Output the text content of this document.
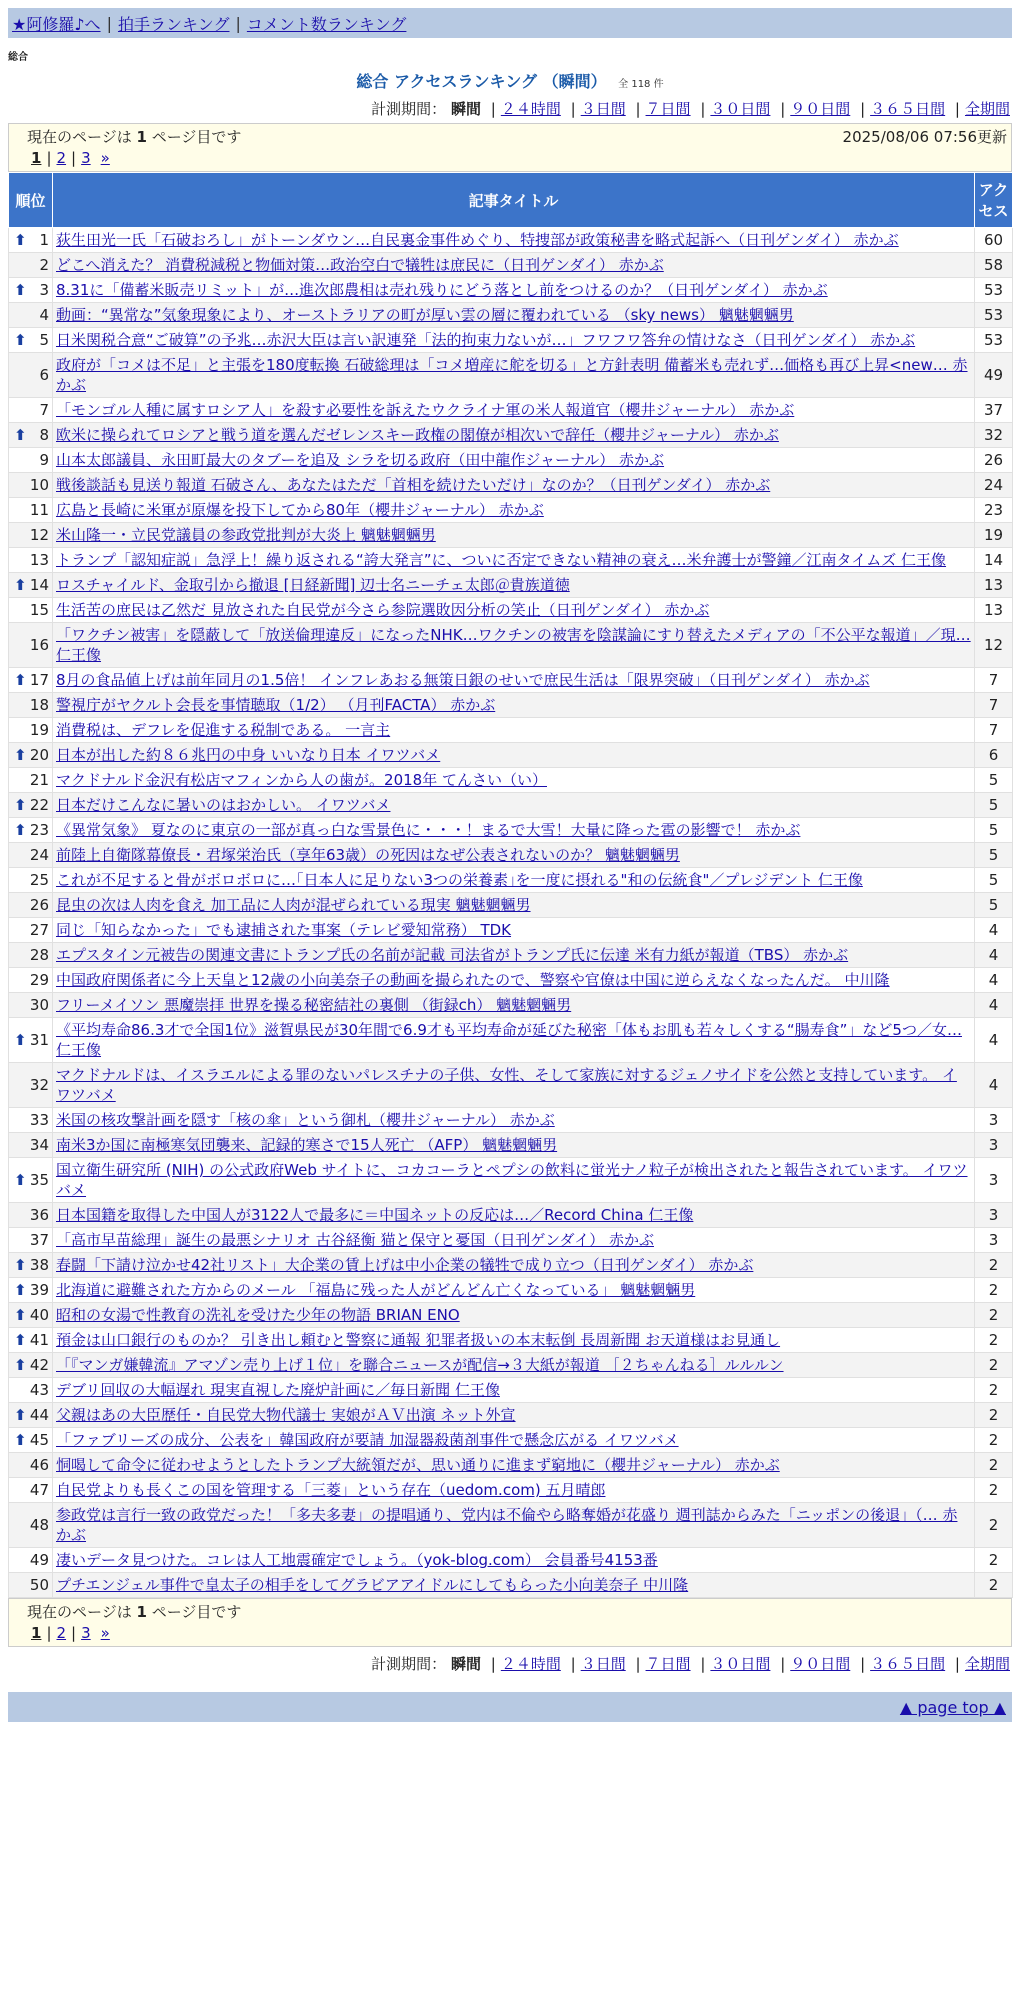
★阿修羅♪へ | 拍手ランキング | コメント数ランキング
総合
総合 アクセスランキング （瞬間） 全 118 件
計測期間： 瞬間 | ２４時間 | ３日間 | ７日間 | ３０日間 | ９０日間 | ３６５日間 | 全期間
現在のページは 1 ページ目です	2025/08/06 07:56更新
1 | 2 | 3 »
順位	記事タイトル	アクセス

⬆ 1	荻生田光一氏「石破おろし」がトーンダウン…自民裏金事件めぐり、特捜部が政策秘書を略式起訴へ（日刊ゲンダイ） 赤かぶ	60
2	どこへ消えた？ 消費税減税と物価対策…政治空白で犠牲は庶民に（日刊ゲンダイ） 赤かぶ	58

⬆ 3	8.31に「備蓄米販売リミット」が…進次郎農相は売れ残りにどう落とし前をつけるのか？（日刊ゲンダイ） 赤かぶ	53
4	動画：“異常な”気象現象により、オーストラリアの町が厚い雲の層に覆われている （sky news） 魑魅魍魎男	53

⬆ 5	日米関税合意“ご破算”の予兆…赤沢大臣は言い訳連発「法的拘束力ないが…」フワフワ答弁の情けなさ（日刊ゲンダイ） 赤かぶ	53
6	政府が「コメは不足」と主張を180度転換 石破総理は「コメ増産に舵を切る」と方針表明 備蓄米も売れず…価格も再び上昇<new… 赤かぶ	49
7	「モンゴル人種に属すロシア人」を殺す必要性を訴えたウクライナ軍の米人報道官（櫻井ジャーナル） 赤かぶ	37

⬆ 8	欧米に操られてロシアと戦う道を選んだゼレンスキー政権の閣僚が相次いで辞任（櫻井ジャーナル） 赤かぶ	32
9	山本太郎議員、永田町最大のタブーを追及 シラを切る政府（田中龍作ジャーナル） 赤かぶ	26
10	戦後談話も見送り報道 石破さん、あなたはただ「首相を続けたいだけ」なのか？（日刊ゲンダイ） 赤かぶ	24
11	広島と長崎に米軍が原爆を投下してから80年（櫻井ジャーナル） 赤かぶ	23
12	米山隆一・立民党議員の参政党批判が大炎上 魑魅魍魎男	19
13	トランプ「認知症説」急浮上！繰り返される“誇大発言”に、ついに否定できない精神の衰え…米弁護士が警鐘／江南タイムズ 仁王像	14

⬆ 14	ロスチャイルド、金取引から撤退 [日経新聞] 辺士名ニーチェ太郎＠貴族道徳	13
15	生活苦の庶民は乙然だ 見放された自民党が今さら参院選敗因分析の笑止（日刊ゲンダイ） 赤かぶ	13
16	「ワクチン被害」を隠蔽して「放送倫理違反」になったNHK…ワクチンの被害を陰謀論にすり替えたメディアの「不公平な報道」／現… 仁王像	12

⬆ 17	8月の食品値上げは前年同月の1.5倍！ インフレあおる無策日銀のせいで庶民生活は「限界突破」（日刊ゲンダイ） 赤かぶ	7
18	警視庁がヤクルト会長を事情聴取（1/2） （月刊FACTA） 赤かぶ	7
19	消費税は、デフレを促進する税制である。 一言主	7

⬆ 20	日本が出した約８６兆円の中身 いいなり日本 イワツバメ	6
21	マクドナルド金沢有松店マフィンから人の歯が。2018年 てんさい（い）	5

⬆ 22	日本だけこんなに暑いのはおかしい。 イワツバメ	5

⬆ 23	《異常気象》 夏なのに東京の一部が真っ白な雪景色に・・・！まるで大雪！大量に降った雹の影響で！ 赤かぶ	5
24	前陸上自衛隊幕僚長・君塚栄治氏（享年63歳）の死因はなぜ公表されないのか？ 魑魅魍魎男	5
25	これが不足すると骨がボロボロに…｢日本人に足りない3つの栄養素｣を一度に摂れる"和の伝統食"／プレジデント 仁王像	5
26	昆虫の次は人肉を食え 加工品に人肉が混ぜられている現実 魑魅魍魎男	5
27	同じ「知らなかった」でも逮捕された事案（テレビ愛知常務） TDK	4
28	エプスタイン元被告の関連文書にトランプ氏の名前が記載 司法省がトランプ氏に伝達 米有力紙が報道（TBS） 赤かぶ	4
29	中国政府関係者に今上天皇と12歳の小向美奈子の動画を撮られたので、警察や官僚は中国に逆らえなくなったんだ。 中川隆	4
30	フリーメイソン 悪魔崇拝 世界を操る秘密結社の裏側 （街録ch） 魑魅魍魎男	4

⬆ 31	《平均寿命86.3才で全国1位》滋賀県民が30年間で6.9才も平均寿命が延びた秘密「体もお肌も若々しくする“腸寿食”」など5つ／女… 仁王像	4
32	マクドナルドは、イスラエルによる罪のないパレスチナの子供、女性、そして家族に対するジェノサイドを公然と支持しています。 イワツバメ	4
33	米国の核攻撃計画を隠す「核の傘」という御札（櫻井ジャーナル） 赤かぶ	3
34	南米3か国に南極寒気団襲来、記録的寒さで15人死亡 （AFP） 魑魅魍魎男	3

⬆ 35	国立衛生研究所 (NIH) の公式政府Web サイトに、コカコーラとペプシの飲料に蛍光ナノ粒子が検出されたと報告されています。 イワツバメ	3
36	日本国籍を取得した中国人が3122人で最多に＝中国ネットの反応は…／Record China 仁王像	3
37	「高市早苗総理」誕生の最悪シナリオ 古谷経衡 猫と保守と憂国（日刊ゲンダイ） 赤かぶ	3

⬆ 38	春闘「下請け泣かせ42社リスト」大企業の賃上げは中小企業の犠牲で成り立つ（日刊ゲンダイ） 赤かぶ	2

⬆ 39	北海道に避難された方からのメール 「福島に残った人がどんどん亡くなっている」 魑魅魍魎男	2

⬆ 40	昭和の女湯で性教育の洗礼を受けた少年の物語 BRIAN ENO	2

⬆ 41	預金は山口銀行のものか？ 引き出し頼むと警察に通報 犯罪者扱いの本末転倒 長周新聞 お天道様はお見通し	2

⬆ 42	「『マンガ嫌韓流』アマゾン売り上げ１位」を聯合ニュースが配信→３大紙が報道 ［２ちゃんねる］ルルルン	2
43	デブリ回収の大幅遅れ 現実直視した廃炉計画に／毎日新聞 仁王像	2

⬆ 44	父親はあの大臣歴任・自民党大物代議士 実娘がＡＶ出演 ネット外宣	2

⬆ 45	「ファブリーズの成分、公表を」韓国政府が要請 加湿器殺菌剤事件で懸念広がる イワツバメ	2
46	恫喝して命令に従わせようとしたトランプ大統領だが、思い通りに進まず窮地に（櫻井ジャーナル） 赤かぶ	2
47	自民党よりも長くこの国を管理する「三菱」という存在（uedom.com) 五月晴郎	2
48	参政党は言行一致の政党だった！「多夫多妻」の提唱通り、党内は不倫やら略奪婚が花盛り 週刊誌からみた「ニッポンの後退」（… 赤かぶ	2
49	凄いデータ見つけた。コレは人工地震確定でしょう。（yok-blog.com） 会員番号4153番	2
50	プチエンジェル事件で皇太子の相手をしてグラビアアイドルにしてもらった小向美奈子 中川隆	2
現在のページは 1 ページ目です
1 | 2 | 3 »
計測期間： 瞬間 | ２４時間 | ３日間 | ７日間 | ３０日間 | ９０日間 | ３６５日間 | 全期間
▲ page top ▲
